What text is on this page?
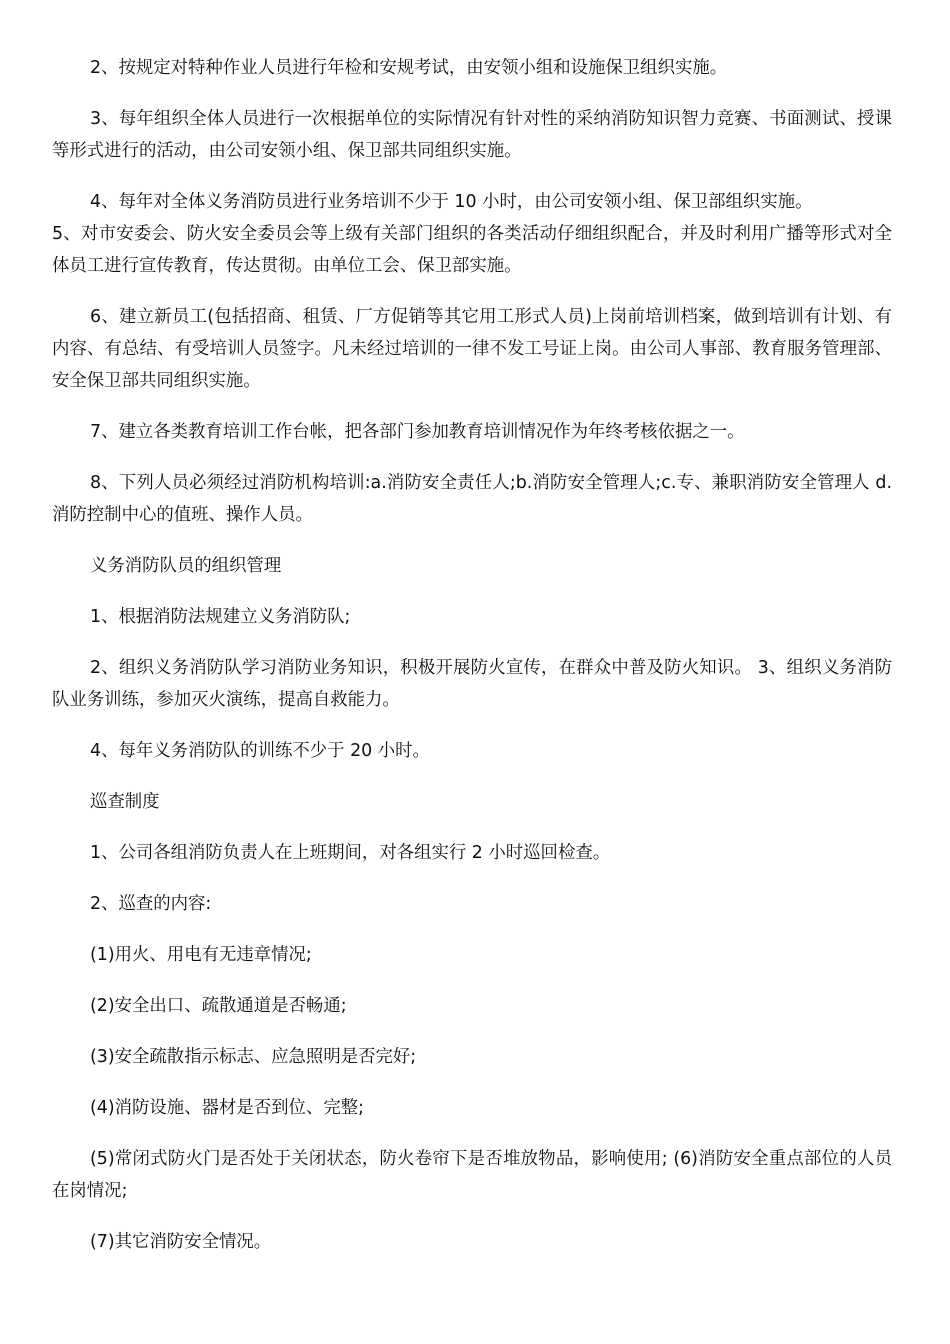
2、按规定对特种作业人员进行年检和安规考试，由安领小组和设施保卫组织实施。

3、每年组织全体人员进行一次根据单位的实际情况有针对性的采纳消防知识智力竞赛、书面测试、授课等形式进行的活动，由公司安领小组、保卫部共同组织实施。

4、每年对全体义务消防员进行业务培训不少于 10 小时，由公司安领小组、保卫部组织实施。

5、对市安委会、防火安全委员会等上级有关部门组织的各类活动仔细组织配合，并及时利用广播等形式对全体员工进行宣传教育，传达贯彻。由单位工会、保卫部实施。

6、建立新员工(包括招商、租赁、厂方促销等其它用工形式人员)上岗前培训档案，做到培训有计划、有内容、有总结、有受培训人员签字。凡未经过培训的一律不发工号证上岗。由公司人事部、教育服务管理部、安全保卫部共同组织实施。

7、建立各类教育培训工作台帐，把各部门参加教育培训情况作为年终考核依据之一。

8、下列人员必须经过消防机构培训:a.消防安全责任人;b.消防安全管理人;c.专、兼职消防安全管理人 d.消防控制中心的值班、操作人员。

义务消防队员的组织管理

1、根据消防法规建立义务消防队;

2、组织义务消防队学习消防业务知识，积极开展防火宣传，在群众中普及防火知识。 3、组织义务消防队业务训练，参加灭火演练，提高自救能力。

4、每年义务消防队的训练不少于 20 小时。

巡查制度

1、公司各组消防负责人在上班期间，对各组实行 2 小时巡回检查。

2、巡查的内容:

(1)用火、用电有无违章情况;

(2)安全出口、疏散通道是否畅通;

(3)安全疏散指示标志、应急照明是否完好;

(4)消防设施、器材是否到位、完整;

(5)常闭式防火门是否处于关闭状态，防火卷帘下是否堆放物品，影响使用; (6)消防安全重点部位的人员在岗情况;

(7)其它消防安全情况。
